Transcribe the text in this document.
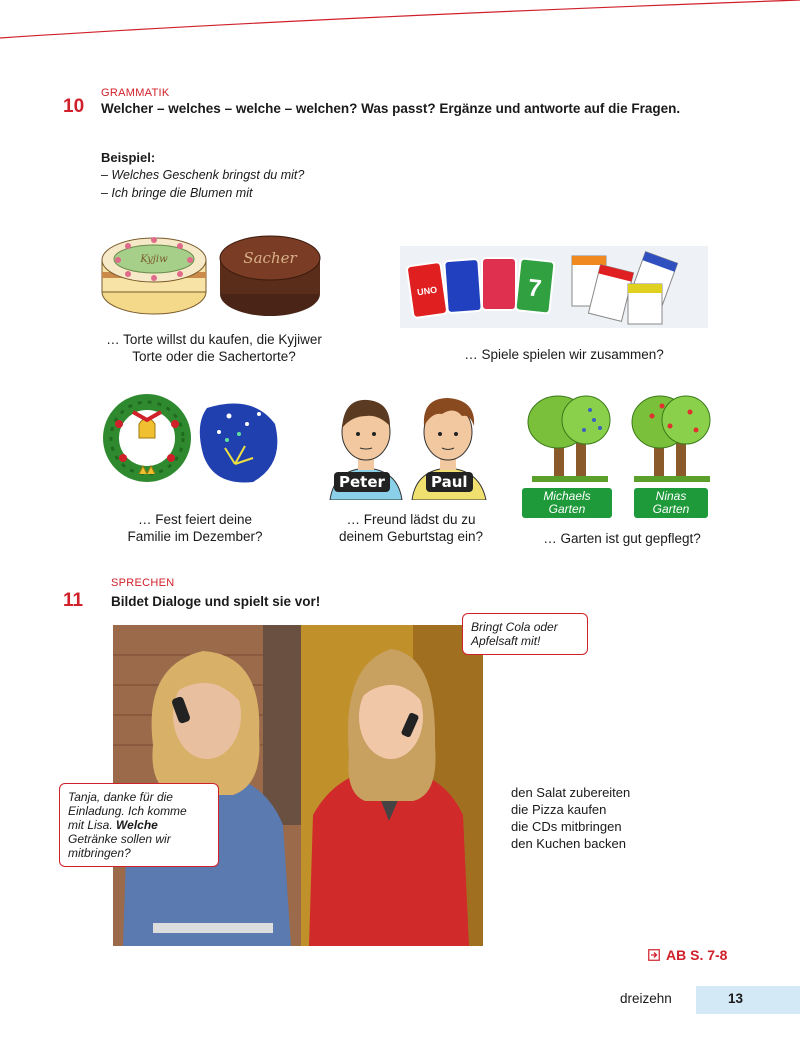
GRAMMATIK
10 Welcher – welches – welche – welchen? Was passt? Ergänze und antworte auf die Fragen.
Beispiel:
– Welches Geschenk bringst du mit?
– Ich bringe die Blumen mit
Kyjiw	Sacher
… Torte willst du kaufen, die Kyjiwer
Torte oder die Sachertorte?
UNO	7
… Spiele spielen wir zusammen?
… Fest feiert deine
Familie im Dezember?
Peter	Paul
… Freund lädst du zu
deinem Geburtstag ein?
Michaels
Garten
Ninas
Garten
… Garten ist gut gepflegt?
SPRECHEN
11 Bildet Dialoge und spielt sie vor!
Bringt Cola oder
Apfelsaft mit!
Tanja, danke für die
Einladung. Ich komme
mit Lisa. Welche
Getränke sollen wir
mitbringen?
den Salat zubereiten
die Pizza kaufen
die CDs mitbringen
den Kuchen backen
AB S. 7-8
dreizehn	13
